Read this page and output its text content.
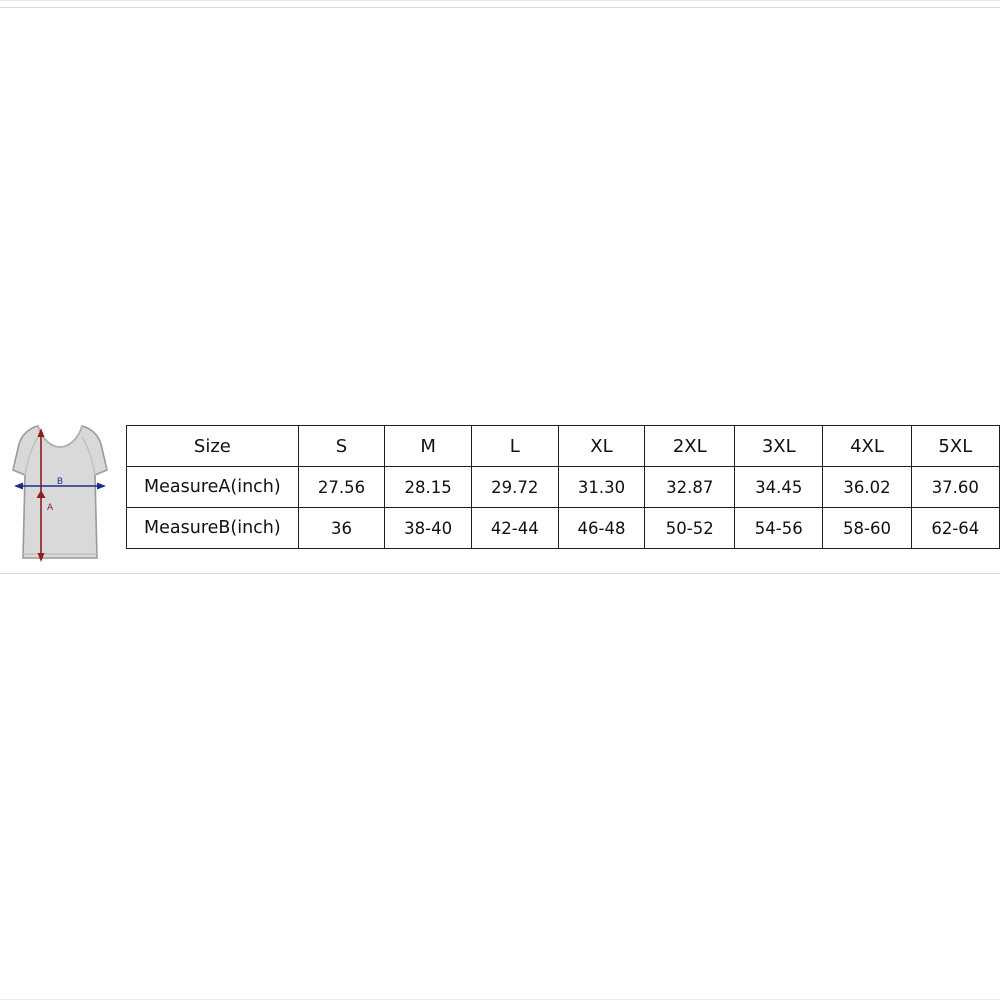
B
A
Size	S	M	L	XL	2XL	3XL	4XL	5XL
MeasureA(inch)	27.56	28.15	29.72	31.30	32.87	34.45	36.02	37.60
MeasureB(inch)	36	38-40	42-44	46-48	50-52	54-56	58-60	62-64
